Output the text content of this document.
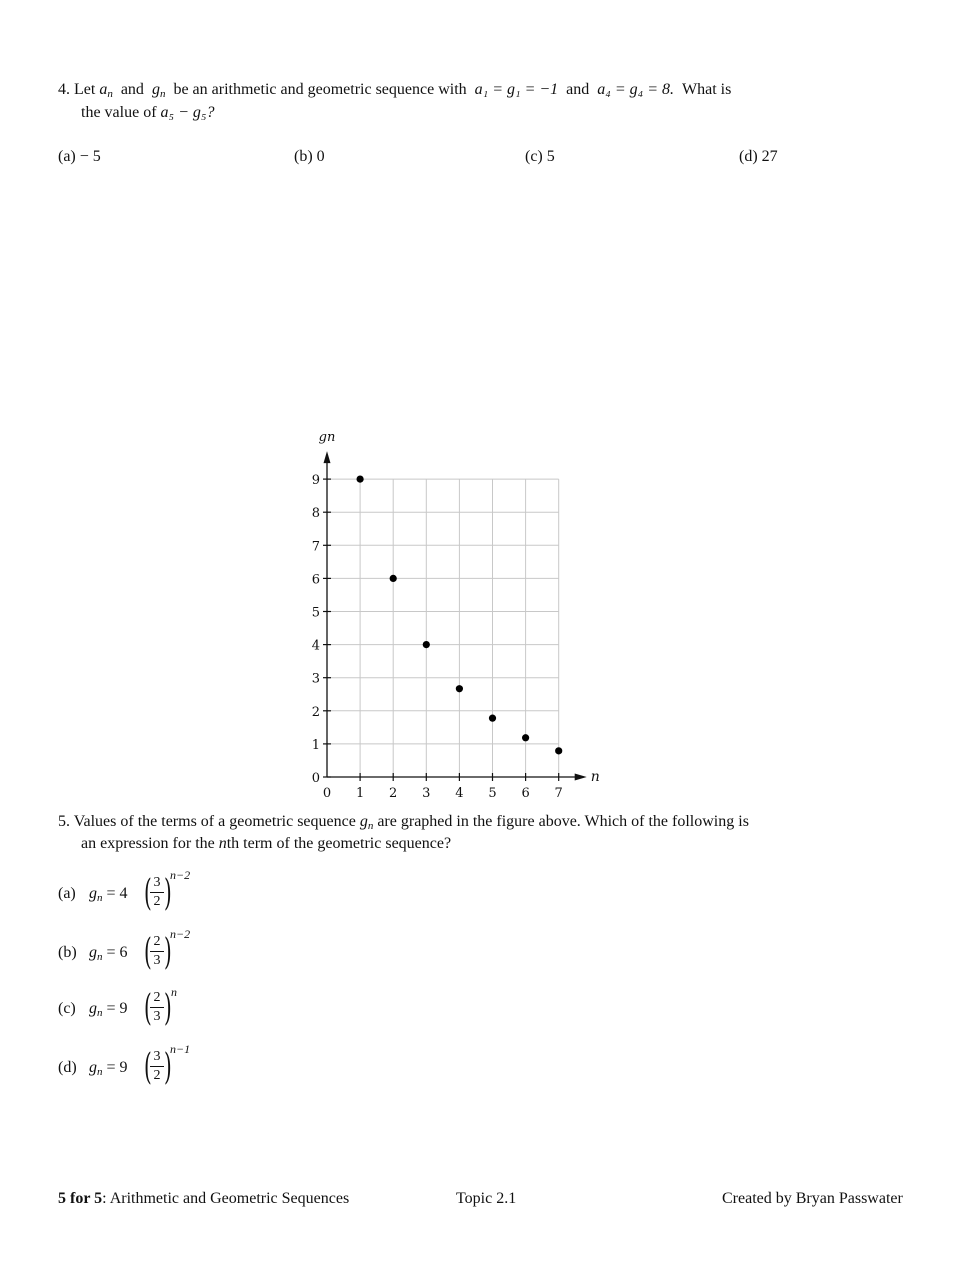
4. Let $a_n$ and $g_n$ be an arithmetic and geometric sequence with a₁ = g₁ = −1 and a₄ = g₄ = 8. What is
the value of a₅ − g₅?
(a) − 5	(b) 0	(c) 5	(d) 27
0
1
2
3
4
5
6
7
8
9
0 1 2 3 4 5 6 7
gn
n
5. Values of the terms of a geometric sequence $g_n$ are graphed in the figure above. Which of the following is
an expression for the nth term of the geometric sequence?
(a) $g_n = 4$ ( 3
2 )
n−2
(b) $g_n = 6$ ( 2
3 )
n−2
(c) $g_n = 9$ ( 2
3 ) n
(d) $g_n = 9$ ( 3
2 )
n−1
5 for 5: Arithmetic and Geometric Sequences	Topic 2.1	Created by Bryan Passwater
